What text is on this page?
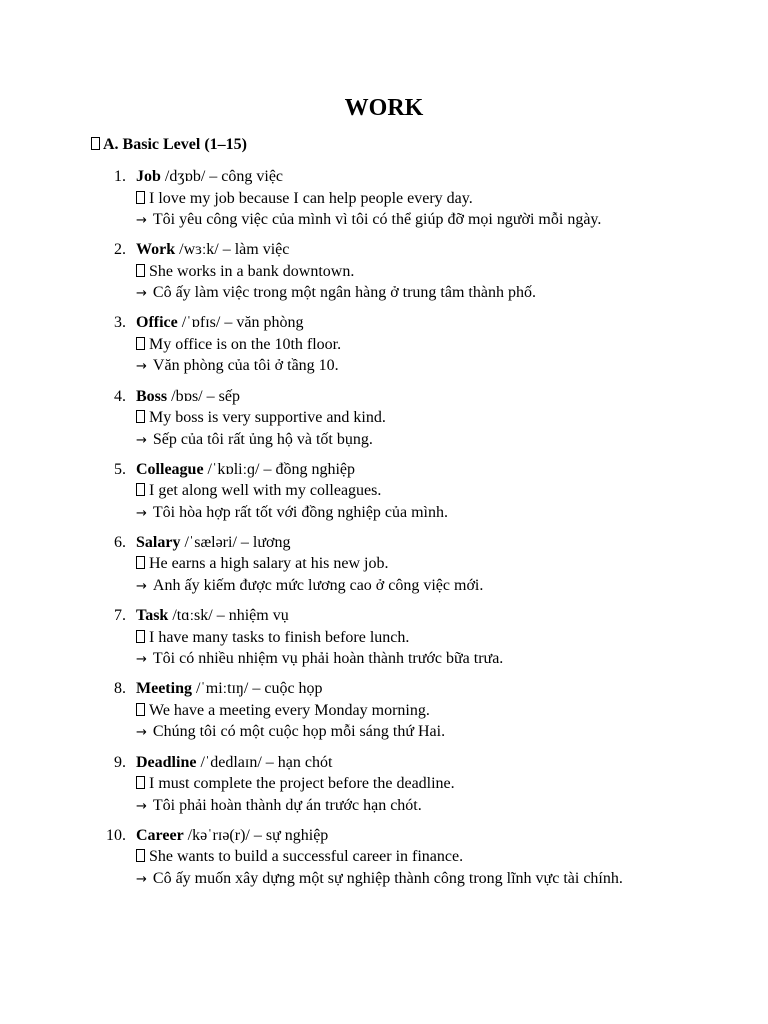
WORK
A. Basic Level (1–15)
1. Job /dʒɒb/ – công việc
I love my job because I can help people every day.
→ Tôi yêu công việc của mình vì tôi có thể giúp đỡ mọi người mỗi ngày.
2. Work /wɜːk/ – làm việc
She works in a bank downtown.
→ Cô ấy làm việc trong một ngân hàng ở trung tâm thành phố.
3. Office /ˈɒfɪs/ – văn phòng
My office is on the 10th floor.
→ Văn phòng của tôi ở tầng 10.
4. Boss /bɒs/ – sếp
My boss is very supportive and kind.
→ Sếp của tôi rất ủng hộ và tốt bụng.
5. Colleague /ˈkɒliːɡ/ – đồng nghiệp
I get along well with my colleagues.
→ Tôi hòa hợp rất tốt với đồng nghiệp của mình.
6. Salary /ˈsæləri/ – lương
He earns a high salary at his new job.
→ Anh ấy kiếm được mức lương cao ở công việc mới.
7. Task /tɑːsk/ – nhiệm vụ
I have many tasks to finish before lunch.
→ Tôi có nhiều nhiệm vụ phải hoàn thành trước bữa trưa.
8. Meeting /ˈmiːtɪŋ/ – cuộc họp
We have a meeting every Monday morning.
→ Chúng tôi có một cuộc họp mỗi sáng thứ Hai.
9. Deadline /ˈdedlaɪn/ – hạn chót
I must complete the project before the deadline.
→ Tôi phải hoàn thành dự án trước hạn chót.
10. Career /kəˈrɪə(r)/ – sự nghiệp
She wants to build a successful career in finance.
→ Cô ấy muốn xây dựng một sự nghiệp thành công trong lĩnh vực tài chính.
